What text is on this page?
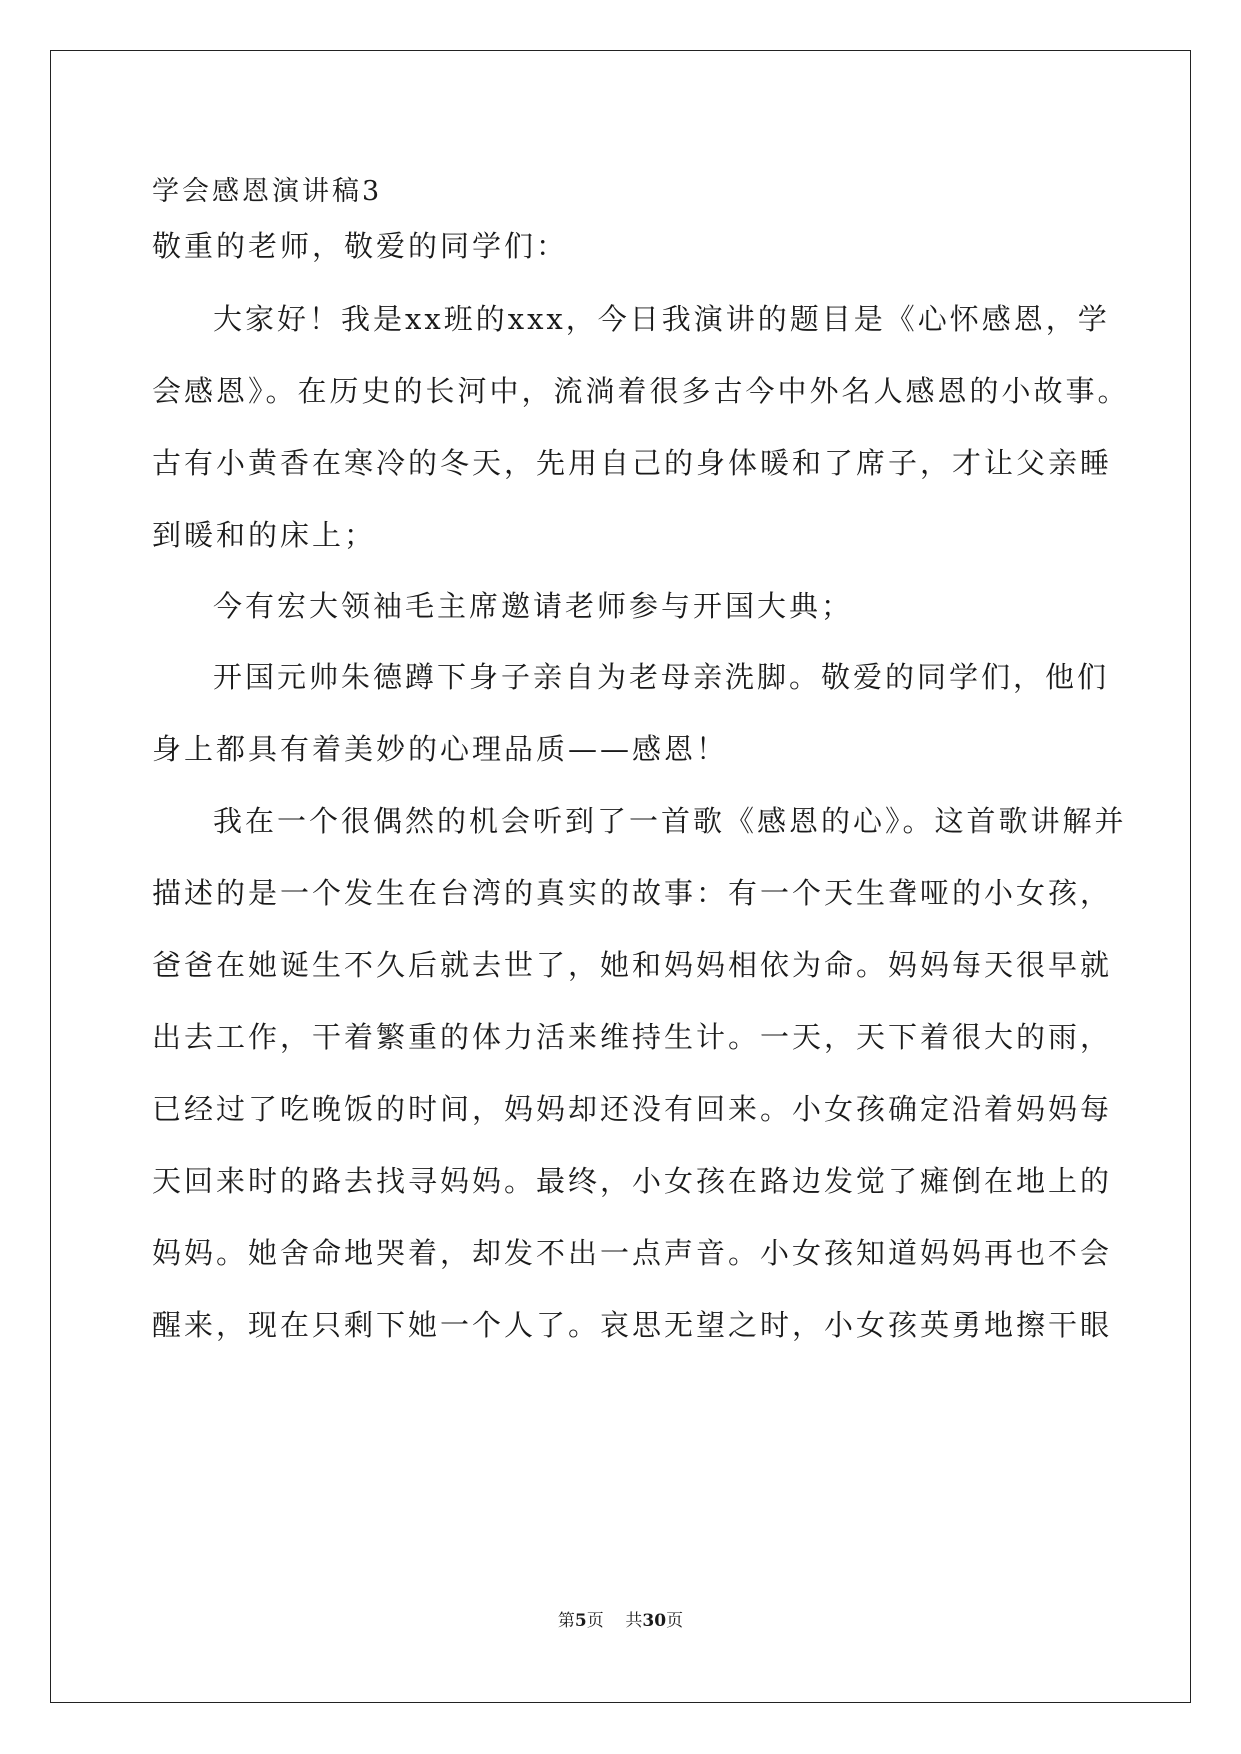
学会感恩演讲稿3
敬重的老师，敬爱的同学们：
大家好！我是xx班的xxx，今日我演讲的题目是《心怀感恩，学
会感恩》。在历史的长河中，流淌着很多古今中外名人感恩的小故事。
古有小黄香在寒冷的冬天，先用自己的身体暖和了席子，才让父亲睡
到暖和的床上；
今有宏大领袖毛主席邀请老师参与开国大典；
开国元帅朱德蹲下身子亲自为老母亲洗脚。敬爱的同学们，他们
身上都具有着美妙的心理品质——感恩！
我在一个很偶然的机会听到了一首歌《感恩的心》。这首歌讲解并
描述的是一个发生在台湾的真实的故事：有一个天生聋哑的小女孩，
爸爸在她诞生不久后就去世了，她和妈妈相依为命。妈妈每天很早就
出去工作，干着繁重的体力活来维持生计。一天，天下着很大的雨，
已经过了吃晚饭的时间，妈妈却还没有回来。小女孩确定沿着妈妈每
天回来时的路去找寻妈妈。最终，小女孩在路边发觉了瘫倒在地上的
妈妈。她舍命地哭着，却发不出一点声音。小女孩知道妈妈再也不会
醒来，现在只剩下她一个人了。哀思无望之时，小女孩英勇地擦干眼
第5页 共30页
